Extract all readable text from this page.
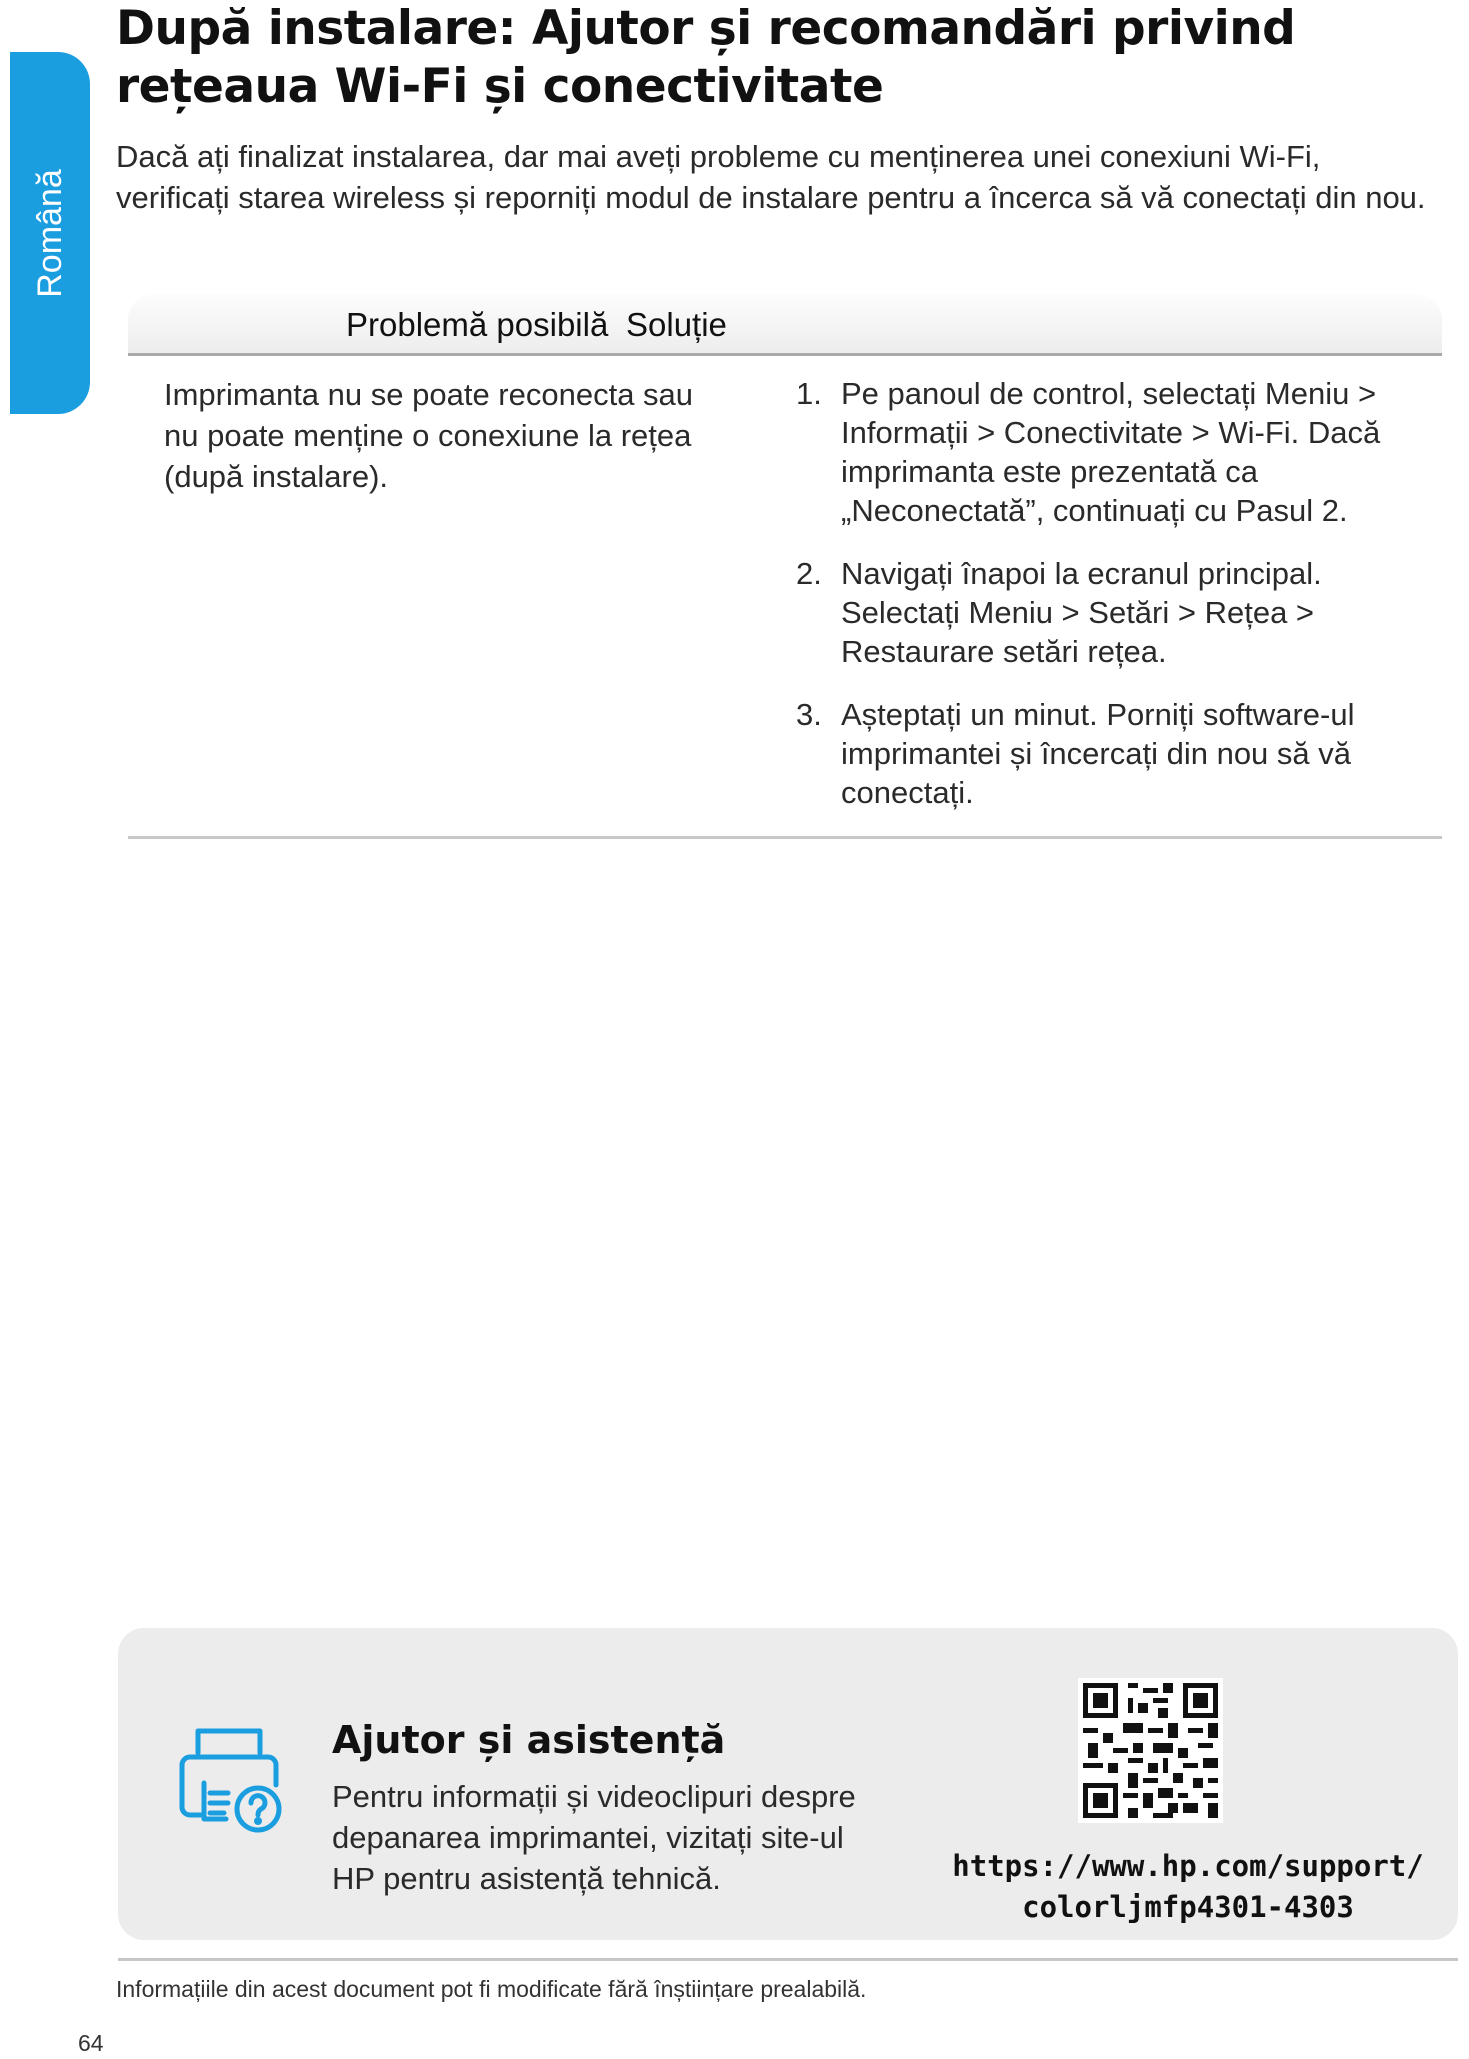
Română
După instalare: Ajutor și recomandări privind rețeaua Wi-Fi și conectivitate

Dacă ați finalizat instalarea, dar mai aveți probleme cu menținerea unei conexiuni Wi-Fi, verificați starea wireless și reporniți modul de instalare pentru a încerca să vă conectați din nou.

Problemă posibilă Soluție

Imprimanta nu se poate reconecta sau nu poate menține o conexiune la rețea (după instalare).

1. Pe panoul de control, selectați Meniu > Informații > Conectivitate > Wi-Fi. Dacă imprimanta este prezentată ca „Neconectată”, continuați cu Pasul 2.
2. Navigați înapoi la ecranul principal. Selectați Meniu > Setări > Rețea > Restaurare setări rețea.
3. Așteptați un minut. Porniți software-ul imprimantei și încercați din nou să vă conectați.
Ajutor și asistență

Pentru informații și videoclipuri despre depanarea imprimantei, vizitați site-ul HP pentru asistență tehnică.	https://www.hp.com/support/
colorljmfp4301-4303

Informațiile din acest document pot fi modificate fără înștiințare prealabilă.

64
